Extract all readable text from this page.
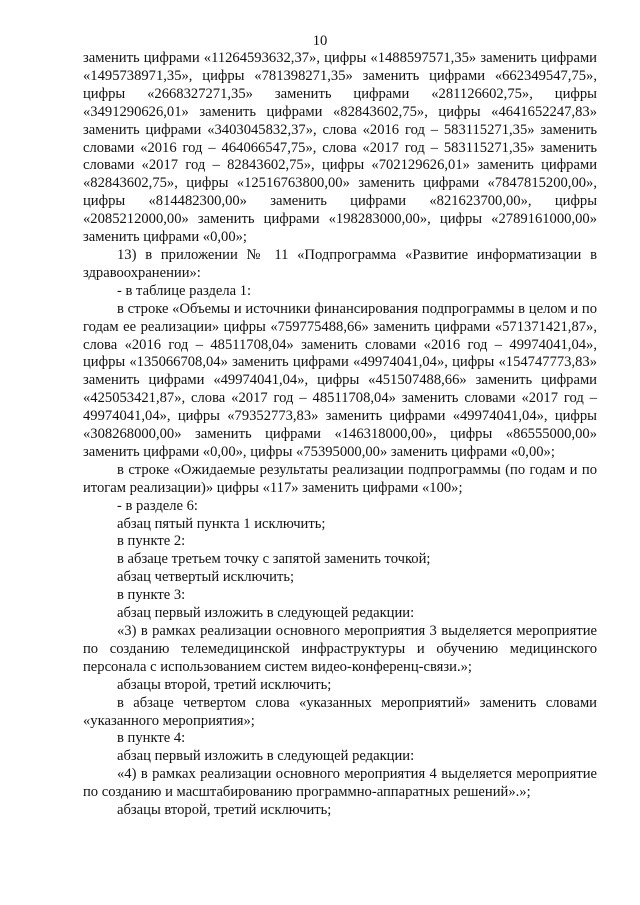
10

заменить цифрами «11264593632,37», цифры «1488597571,35» заменить цифрами «1495738971,35», цифры «781398271,35» заменить цифрами «662349547,75», цифры «2668327271,35» заменить цифрами «281126602,75», цифры «3491290626,01» заменить цифрами «82843602,75», цифры «4641652247,83» заменить цифрами «3403045832,37», слова «2016 год – 583115271,35» заменить словами «2016 год – 464066547,75», слова «2017 год – 583115271,35» заменить словами «2017 год – 82843602,75», цифры «702129626,01» заменить цифрами «82843602,75», цифры «12516763800,00» заменить цифрами «7847815200,00», цифры «814482300,00» заменить цифрами «821623700,00», цифры «2085212000,00» заменить цифрами «198283000,00», цифры «2789161000,00» заменить цифрами «0,00»;

13) в приложении № 11 «Подпрограмма «Развитие информатизации в здравоохранении»:

- в таблице раздела 1:

в строке «Объемы и источники финансирования подпрограммы в целом и по годам ее реализации» цифры «759775488,66» заменить цифрами «571371421,87», слова «2016 год – 48511708,04» заменить словами «2016 год – 49974041,04», цифры «135066708,04» заменить цифрами «49974041,04», цифры «154747773,83» заменить цифрами «49974041,04», цифры «451507488,66» заменить цифрами «425053421,87», слова «2017 год – 48511708,04» заменить словами «2017 год – 49974041,04», цифры «79352773,83» заменить цифрами «49974041,04», цифры «308268000,00» заменить цифрами «146318000,00», цифры «86555000,00» заменить цифрами «0,00», цифры «75395000,00» заменить цифрами «0,00»;

в строке «Ожидаемые результаты реализации подпрограммы (по годам и по итогам реализации)» цифры «117» заменить цифрами «100»;

- в разделе 6:

абзац пятый пункта 1 исключить;

в пункте 2:

в абзаце третьем точку с запятой заменить точкой;

абзац четвертый исключить;

в пункте 3:

абзац первый изложить в следующей редакции:

«3) в рамках реализации основного мероприятия 3 выделяется мероприятие по созданию телемедицинской инфраструктуры и обучению медицинского персонала с использованием систем видео-конференц-связи.»;

абзацы второй, третий исключить;

в абзаце четвертом слова «указанных мероприятий» заменить словами «указанного мероприятия»;

в пункте 4:

абзац первый изложить в следующей редакции:

«4) в рамках реализации основного мероприятия 4 выделяется мероприятие по созданию и масштабированию программно-аппаратных решений».»;

абзацы второй, третий исключить;
